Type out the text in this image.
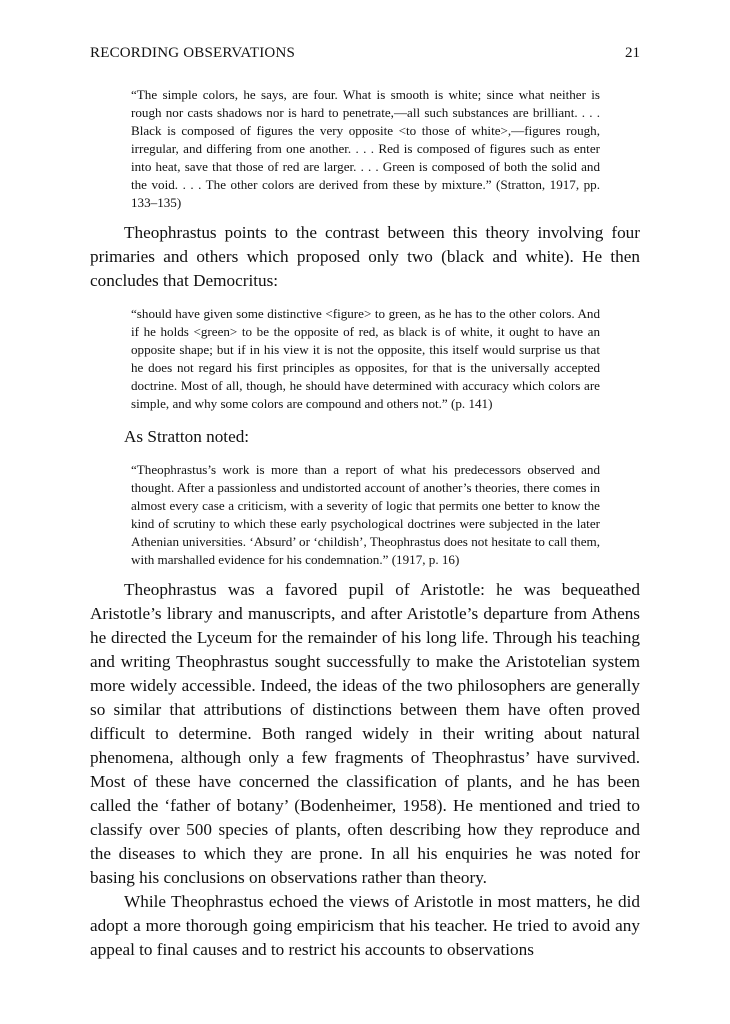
RECORDING OBSERVATIONS	21

“The simple colors, he says, are four. What is smooth is white; since what neither is rough nor casts shadows nor is hard to penetrate,—all such substances are brilliant. . . . Black is composed of figures the very opposite <to those of white>,—figures rough, irregular, and differing from one another. . . . Red is composed of figures such as enter into heat, save that those of red are larger. . . . Green is composed of both the solid and the void. . . . The other colors are derived from these by mixture.” (Stratton, 1917, pp. 133–135)

Theophrastus points to the contrast between this theory involving four primaries and others which proposed only two (black and white). He then concludes that Democritus:

“should have given some distinctive <figure> to green, as he has to the other colors. And if he holds <green> to be the opposite of red, as black is of white, it ought to have an opposite shape; but if in his view it is not the opposite, this itself would surprise us that he does not regard his first principles as opposites, for that is the universally accepted doctrine. Most of all, though, he should have determined with accuracy which colors are simple, and why some colors are compound and others not.” (p. 141)

As Stratton noted:

“Theophrastus’s work is more than a report of what his predecessors observed and thought. After a passionless and undistorted account of another’s theories, there comes in almost every case a criticism, with a severity of logic that permits one better to know the kind of scrutiny to which these early psychological doctrines were subjected in the later Athenian universities. ‘Absurd’ or ‘childish’, Theophrastus does not hesitate to call them, with marshalled evidence for his condemnation.” (1917, p. 16)

Theophrastus was a favored pupil of Aristotle: he was bequeathed Aristotle’s library and manuscripts, and after Aristotle’s departure from Athens he directed the Lyceum for the remainder of his long life. Through his teaching and writing Theophrastus sought successfully to make the Aristotelian system more widely accessible. Indeed, the ideas of the two philosophers are generally so similar that attributions of distinctions between them have often proved difficult to determine. Both ranged widely in their writing about natural phenomena, although only a few fragments of Theophrastus’ have survived. Most of these have concerned the classification of plants, and he has been called the ‘father of botany’ (Bodenheimer, 1958). He mentioned and tried to classify over 500 species of plants, often describing how they reproduce and the diseases to which they are prone. In all his enquiries he was noted for basing his conclusions on observations rather than theory.

While Theophrastus echoed the views of Aristotle in most matters, he did adopt a more thorough going empiricism that his teacher. He tried to avoid any appeal to final causes and to restrict his accounts to observations
